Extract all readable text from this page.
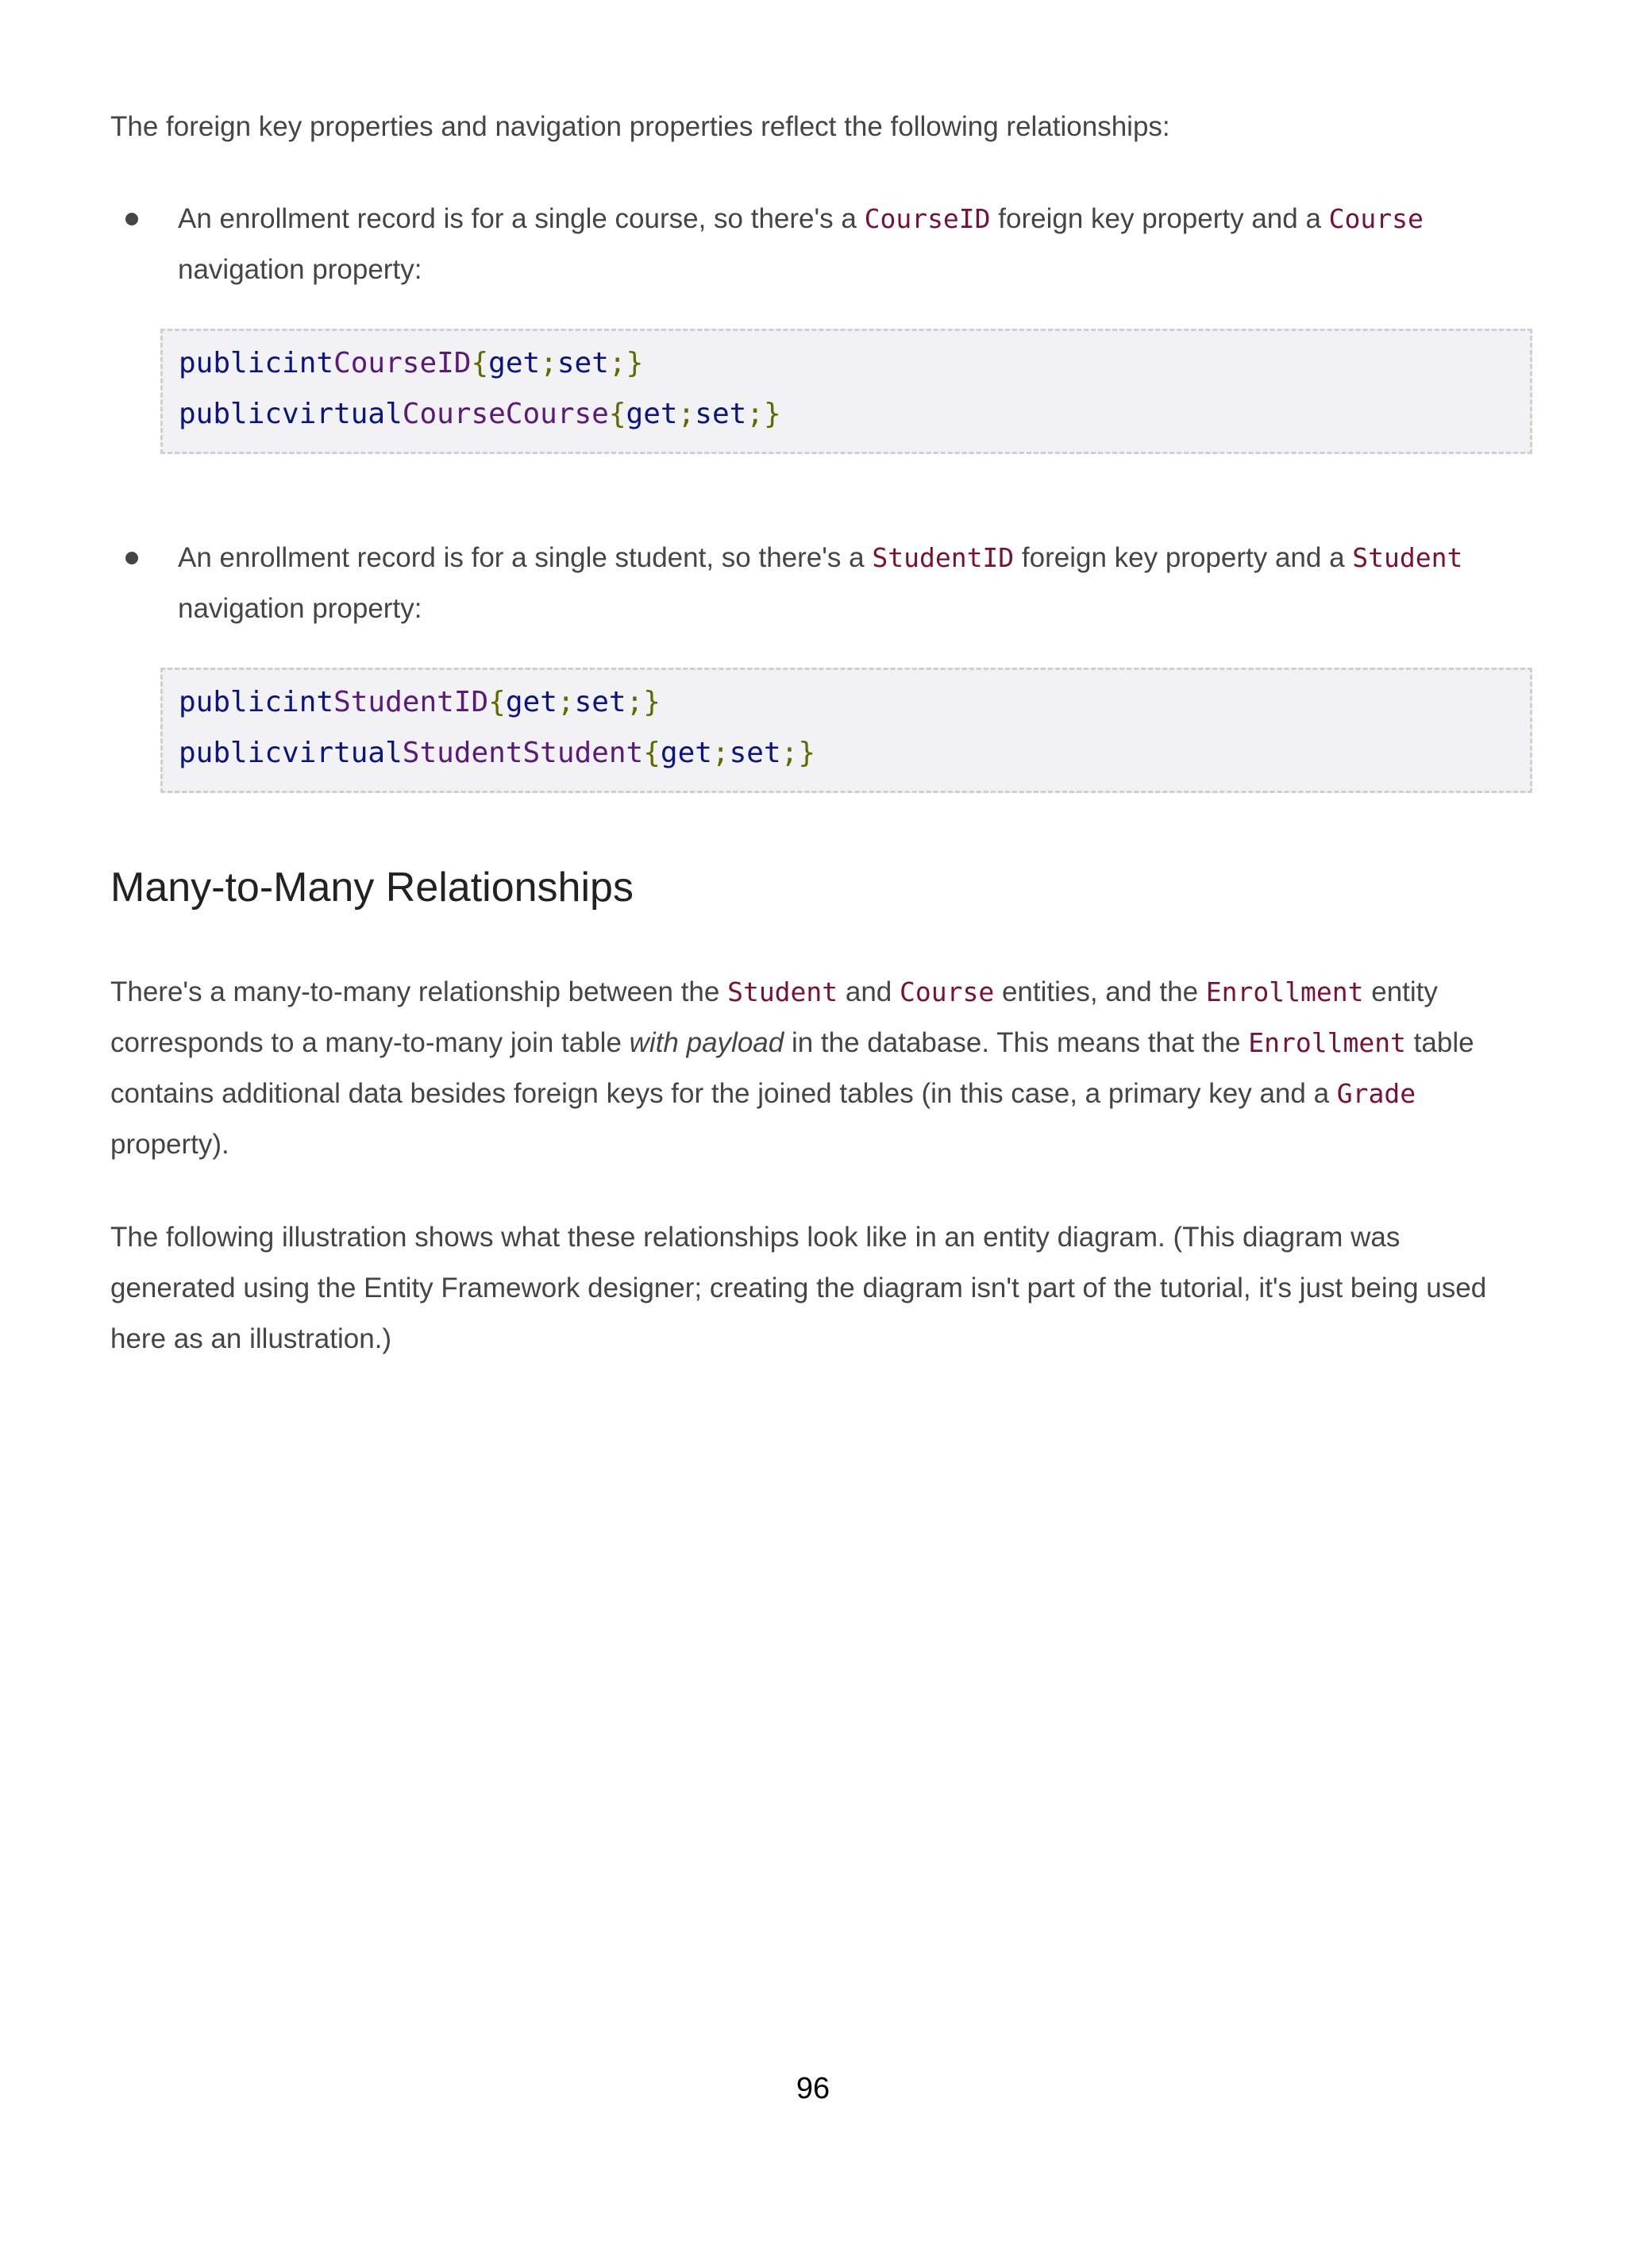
The foreign key properties and navigation properties reflect the following relationships:

An enrollment record is for a single course, so there's a CourseID foreign key property and a Course navigation property:

publicintCourseID{get;set;}
publicvirtualCourseCourse{get;set;}

An enrollment record is for a single student, so there's a StudentID foreign key property and a Student navigation property:

publicintStudentID{get;set;}
publicvirtualStudentStudent{get;set;}
Many-to-Many Relationships

There's a many-to-many relationship between the Student and Course entities, and the Enrollment entity corresponds to a many-to-many join table with payload in the database. This means that the Enrollment table contains additional data besides foreign keys for the joined tables (in this case, a primary key and a Grade property).

The following illustration shows what these relationships look like in an entity diagram. (This diagram was generated using the Entity Framework designer; creating the diagram isn't part of the tutorial, it's just being used here as an illustration.)

96
